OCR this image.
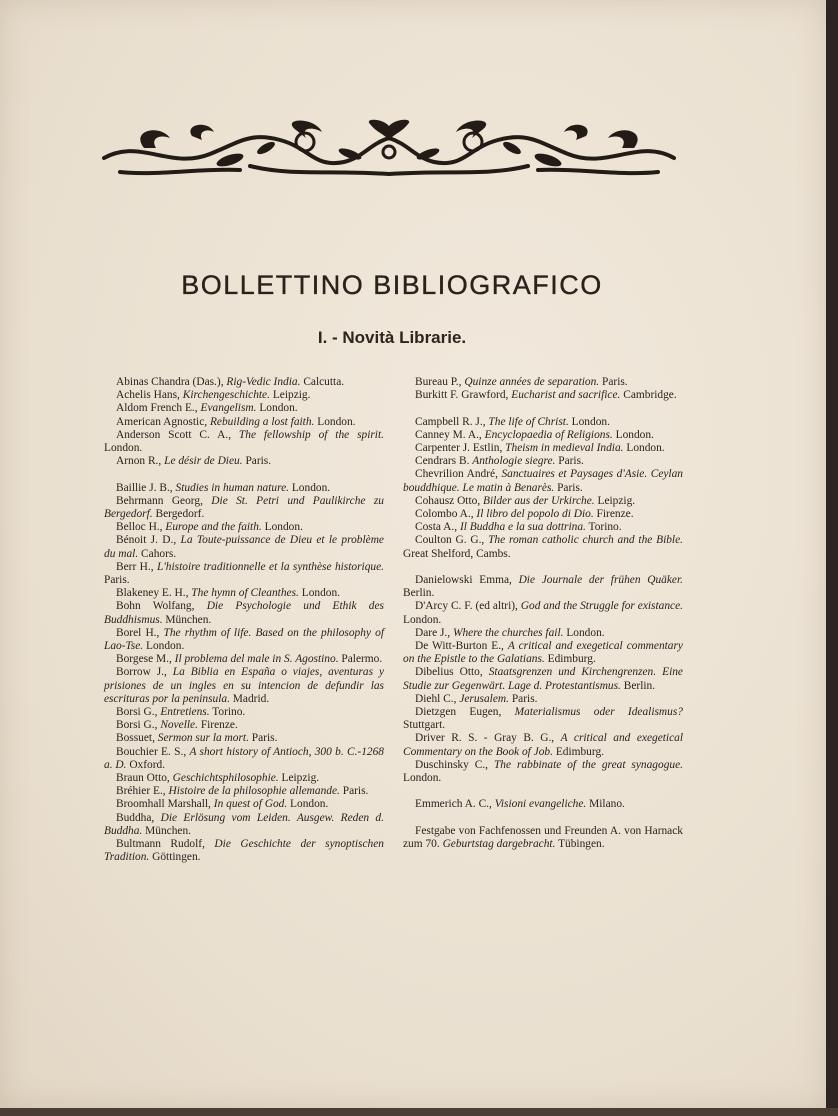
BOLLETTINO BIBLIOGRAFICO
I. - Novità Librarie.

Abinas Chandra (Das.), Rig-Vedic India. Calcutta.

Achelis Hans, Kirchengeschichte. Leipzig.

Aldom French E., Evangelism. London.

American Agnostic, Rebuilding a lost faith. London.

Anderson Scott C. A., The fellowship of the spirit. London.

Arnon R., Le désir de Dieu. Paris.

Baillie J. B., Studies in human nature. London.

Behrmann Georg, Die St. Petri und Paulikirche zu Bergedorf. Bergedorf.

Belloc H., Europe and the faith. London.

Bénoit J. D., La Toute-puissance de Dieu et le problème du mal. Cahors.

Berr H., L'histoire traditionnelle et la synthèse historique. Paris.

Blakeney E. H., The hymn of Cleanthes. London.

Bohn Wolfang, Die Psychologie und Ethik des Buddhismus. München.

Borel H., The rhythm of life. Based on the philosophy of Lao-Tse. London.

Borgese M., Il problema del male in S. Agostino. Palermo.

Borrow J., La Biblia en España o viajes, aventuras y prisiones de un ingles en su intencion de defundir las escrituras por la peninsula. Madrid.

Borsi G., Entretiens. Torino.

Borsi G., Novelle. Firenze.

Bossuet, Sermon sur la mort. Paris.

Bouchier E. S., A short history of Antioch, 300 b. C.-1268 a. D. Oxford.

Braun Otto, Geschichtsphilosophie. Leipzig.

Bréhier E., Histoire de la philosophie allemande. Paris.

Broomhall Marshall, In quest of God. London.

Buddha, Die Erlösung vom Leiden. Ausgew. Reden d. Buddha. München.

Bultmann Rudolf, Die Geschichte der synoptischen Tradition. Göttingen.

Bureau P., Quinze années de separation. Paris.

Burkitt F. Grawford, Eucharist and sacrifice. Cambridge.

Campbell R. J., The life of Christ. London.

Canney M. A., Encyclopaedia of Religions. London.

Carpenter J. Estlin, Theism in medieval India. London.

Cendrars B. Anthologie siegre. Paris.

Chevrilion André, Sanctuaires et Paysages d'Asie. Ceylan bouddhique. Le matin à Benarès. Paris.

Cohausz Otto, Bilder aus der Urkirche. Leipzig.

Colombo A., Il libro del popolo di Dio. Firenze.

Costa A., Il Buddha e la sua dottrina. Torino.

Coulton G. G., The roman catholic church and the Bible. Great Shelford, Cambs.

Danielowski Emma, Die Journale der frühen Quäker. Berlin.

D'Arcy C. F. (ed altri), God and the Struggle for existance. London.

Dare J., Where the churches fail. London.

De Witt-Burton E., A critical and exegetical commentary on the Epistle to the Galatians. Edimburg.

Dibelius Otto, Staatsgrenzen und Kirchengrenzen. Eine Studie zur Gegenwärt. Lage d. Protestantismus. Berlin.

Diehl C., Jerusalem. Paris.

Dietzgen Eugen, Materialismus oder Idealismus? Stuttgart.

Driver R. S. - Gray B. G., A critical and exegetical Commentary on the Book of Job. Edimburg.

Duschinsky C., The rabbinate of the great synagogue. London.

Emmerich A. C., Visioni evangeliche. Milano.

Festgabe von Fachfenossen und Freunden A. von Harnack zum 70. Geburtstag dargebracht. Tübingen.
